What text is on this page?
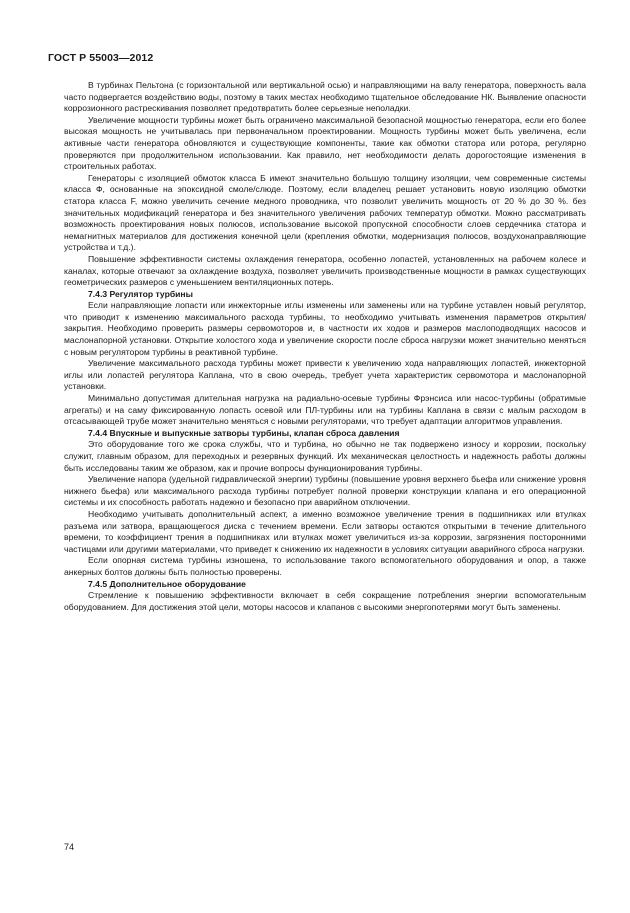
ГОСТ Р 55003—2012

В турбинах Пельтона (с горизонтальной или вертикальной осью) и направляющими на валу генератора, поверхность вала часто подвергается воздействию воды, поэтому в таких местах необходимо тщательное обследование НК. Выявление опасности коррозионного растрескивания позволяет предотвратить более серьезные неполадки.

Увеличение мощности турбины может быть ограничено максимальной безопасной мощностью генератора, если его более высокая мощность не учитывалась при первоначальном проектировании. Мощность турбины может быть увеличена, если активные части генератора обновляются и существующие компоненты, такие как обмотки статора или ротора, регулярно проверяются при продолжительном использовании. Как правило, нет необходимости делать дорогостоящие изменения в строительных работах.

Генераторы с изоляцией обмоток класса Б имеют значительно большую толщину изоляции, чем современные системы класса Ф, основанные на эпоксидной смоле/слюде. Поэтому, если владелец решает установить новую изоляцию обмотки статора класса F, можно увеличить сечение медного проводника, что позволит увеличить мощность от 20 % до 30 %. без значительных модификаций генератора и без значительного увеличения рабочих температур обмотки. Можно рассматривать возможность проектирования новых полюсов, использование высокой пропускной способности слоев сердечника статора и немагнитных материалов для достижения конечной цели (крепления обмотки, модернизация полюсов, воздухонаправляющие устройства и т.д.).

Повышение эффективности системы охлаждения генератора, особенно лопастей, установленных на рабочем колесе и каналах, которые отвечают за охлаждение воздуха, позволяет увеличить производственные мощности в рамках существующих геометрических размеров с уменьшением вентиляционных потерь.

7.4.3 Регулятор турбины

Если направляющие лопасти или инжекторные иглы изменены или заменены или на турбине уставлен новый регулятор, что приводит к изменению максимального расхода турбины, то необходимо учитывать изменения параметров открытия/закрытия. Необходимо проверить размеры сервомоторов и, в частности их ходов и размеров маслоподводящих насосов и маслонапорной установки. Открытие холостого хода и увеличение скорости после сброса нагрузки может значительно меняться с новым регулятором турбины в реактивной турбине.

Увеличение максимального расхода турбины может привести к увеличению хода направляющих лопастей, инжекторной иглы или лопастей регулятора Каплана, что в свою очередь, требует учета характеристик сервомотора и маслонапорной установки.

Минимально допустимая длительная нагрузка на радиально-осевые турбины Фрэнсиса или насос-турбины (обратимые агрегаты) и на саму фиксированную лопасть осевой или ПЛ-турбины или на турбины Каплана в связи с малым расходом в отсасывающей трубе может значительно меняться с новыми регуляторами, что требует адаптации алгоритмов управления.

7.4.4 Впускные и выпускные затворы турбины, клапан сброса давления

Это оборудование того же срока службы, что и турбина, но обычно не так подвержено износу и коррозии, поскольку служит, главным образом, для переходных и резервных функций. Их механическая целостность и надежность работы должны быть исследованы таким же образом, как и прочие вопросы функционирования турбины.

Увеличение напора (удельной гидравлической энергии) турбины (повышение уровня верхнего бьефа или снижение уровня нижнего бьефа) или максимального расхода турбины потребует полной проверки конструкции клапана и его операционной системы и их способность работать надежно и безопасно при аварийном отключении.

Необходимо учитывать дополнительный аспект, а именно возможное увеличение трения в подшипниках или втулках разъема или затвора, вращающегося диска с течением времени. Если затворы остаются открытыми в течение длительного времени, то коэффициент трения в подшипниках или втулках может увеличиться из-за коррозии, загрязнения посторонними частицами или другими материалами, что приведет к снижению их надежности в условиях ситуации аварийного сброса нагрузки.

Если опорная система турбины изношена, то использование такого вспомогательного оборудования и опор, а также анкерных болтов должны быть полностью проверены.

7.4.5 Дополнительное оборудование

Стремление к повышению эффективности включает в себя сокращение потребления энергии вспомогательным оборудованием. Для достижения этой цели, моторы насосов и клапанов с высокими энергопотерями могут быть заменены.

74
